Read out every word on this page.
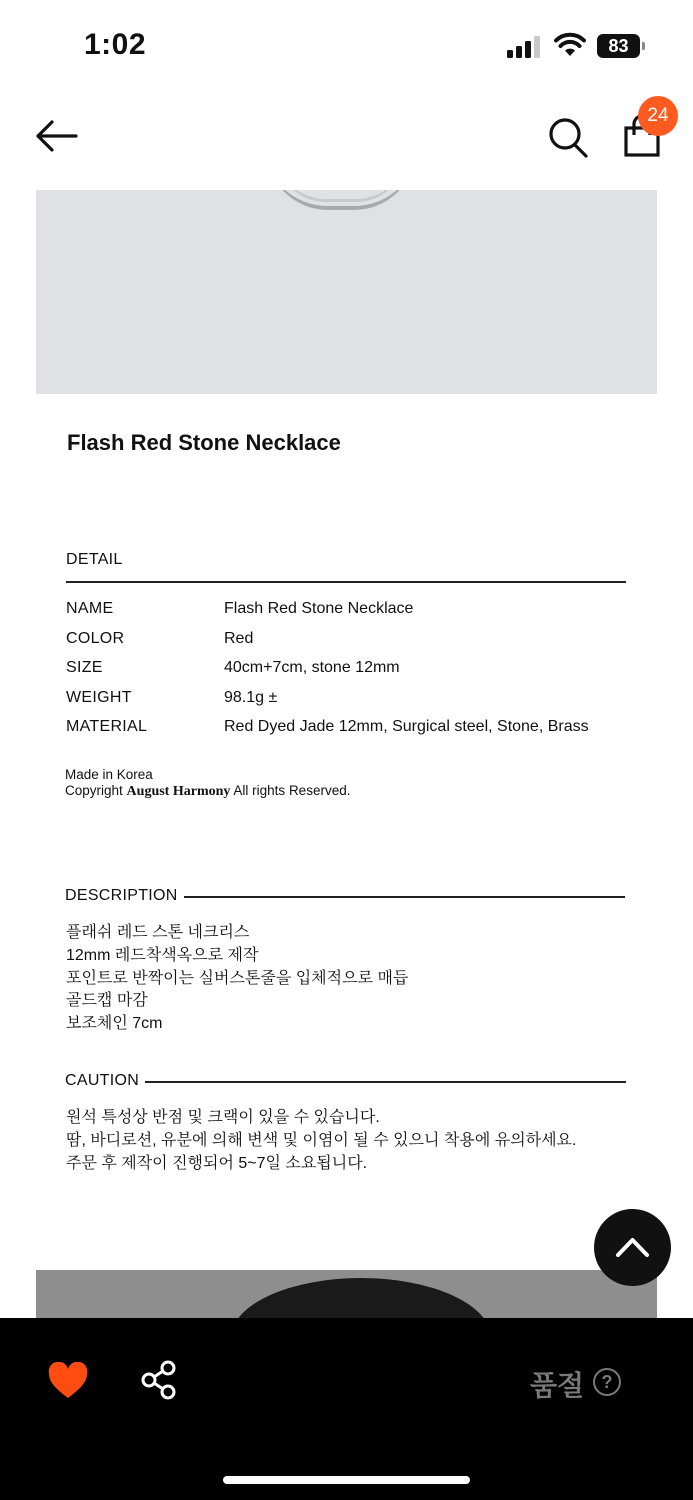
1:02	83
24
Flash Red Stone Necklace
DETAIL
NAME	Flash Red Stone Necklace
COLOR	Red
SIZE	40cm+7cm, stone 12mm
WEIGHT	98.1g ±
MATERIAL	Red Dyed Jade 12mm, Surgical steel, Stone, Brass
Made in Korea
Copyright August Harmony All rights Reserved.
DESCRIPTION
플래쉬 레드 스톤 네크리스
12mm 레드착색옥으로 제작
포인트로 반짝이는 실버스톤줄을 입체적으로 매듭
골드캡 마감
보조체인 7cm
CAUTION
원석 특성상 반점 및 크랙이 있을 수 있습니다.
땀, 바디로션, 유분에 의해 변색 및 이염이 될 수 있으니 착용에 유의하세요.
주문 후 제작이 진행되어 5~7일 소요됩니다.
품절 ?
